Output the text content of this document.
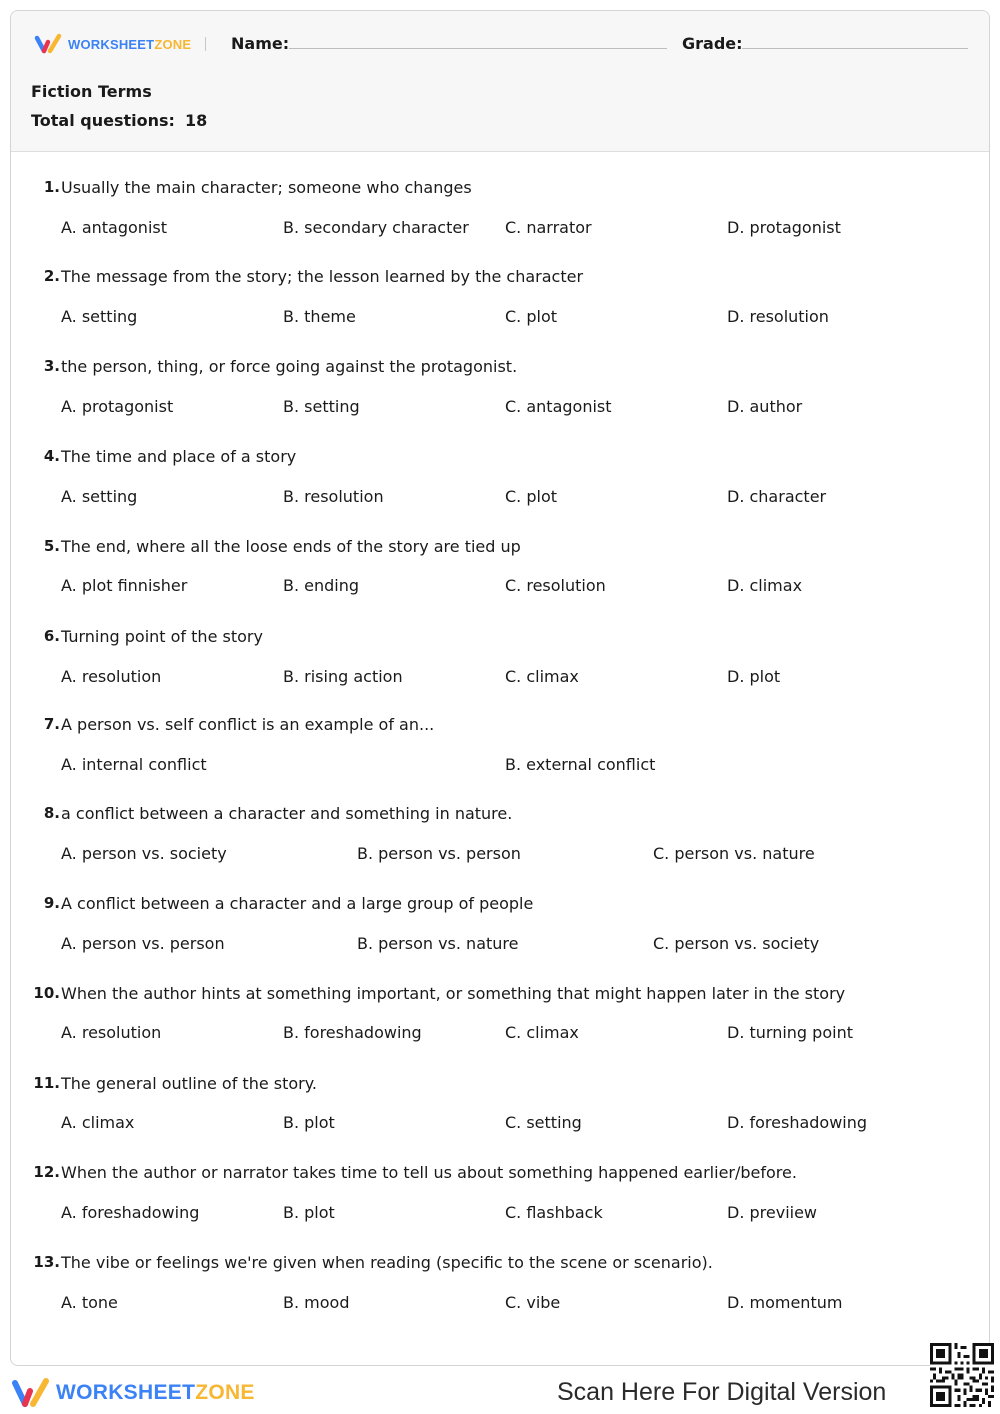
WORKSHEETZONE Name:	Grade:
Fiction Terms
Total questions: 18
1. Usually the main character; someone who changes
A. antagonist	B. secondary character C. narrator	D. protagonist
2. The message from the story; the lesson learned by the character
A. setting	B. theme	C. plot	D. resolution
3. the person, thing, or force going against the protagonist.
A. protagonist	B. setting	C. antagonist	D. author
4. The time and place of a story
A. setting	B. resolution	C. plot	D. character
5. The end, where all the loose ends of the story are tied up
A. plot finnisher	B. ending	C. resolution	D. climax
6. Turning point of the story
A. resolution	B. rising action	C. climax	D. plot
7. A person vs. self conflict is an example of an...
A. internal conflict	B. external conflict
8. a conflict between a character and something in nature.
A. person vs. society	B. person vs. person	C. person vs. nature
9. A conflict between a character and a large group of people
A. person vs. person	B. person vs. nature	C. person vs. society
10. When the author hints at something important, or something that might happen later in the story
A. resolution	B. foreshadowing	C. climax	D. turning point
11. The general outline of the story.
A. climax	B. plot	C. setting	D. foreshadowing
12. When the author or narrator takes time to tell us about something happened earlier/before.
A. foreshadowing	B. plot	C. flashback	D. previiew
13. The vibe or feelings we're given when reading (specific to the scene or scenario).
A. tone	B. mood	C. vibe	D. momentum
WORKSHEETZONE	Scan Here For Digital Version
